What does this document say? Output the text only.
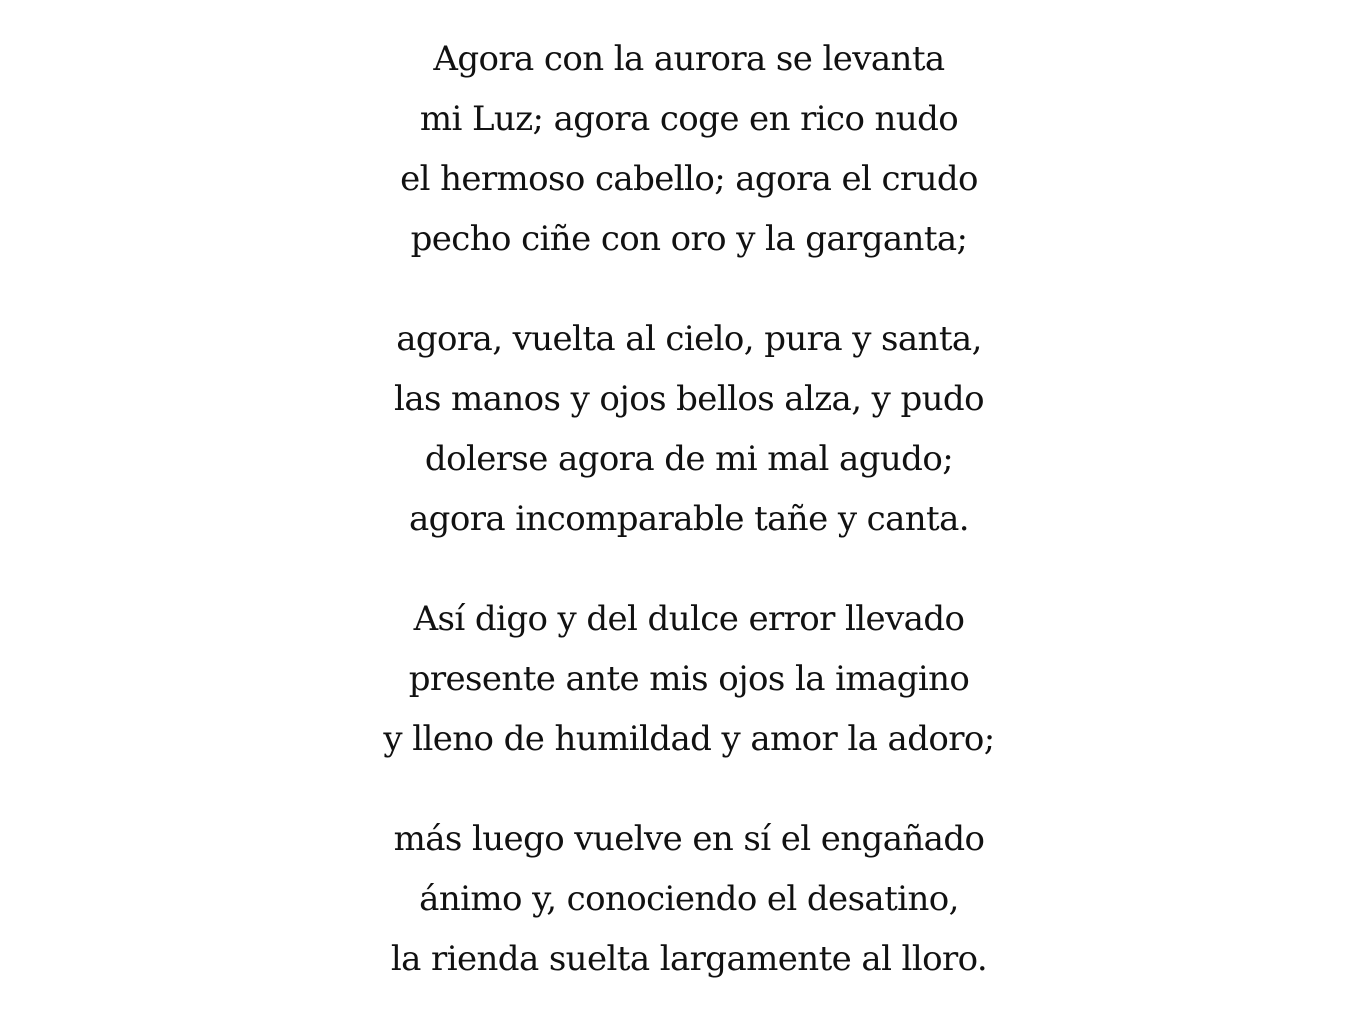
Agora con la aurora se levanta
mi Luz; agora coge en rico nudo
el hermoso cabello; agora el crudo
pecho ciñe con oro y la garganta;
agora, vuelta al cielo, pura y santa,
las manos y ojos bellos alza, y pudo
dolerse agora de mi mal agudo;
agora incomparable tañe y canta.
Así digo y del dulce error llevado
presente ante mis ojos la imagino
y lleno de humildad y amor la adoro;
más luego vuelve en sí el engañado
ánimo y, conociendo el desatino,
la rienda suelta largamente al lloro.
